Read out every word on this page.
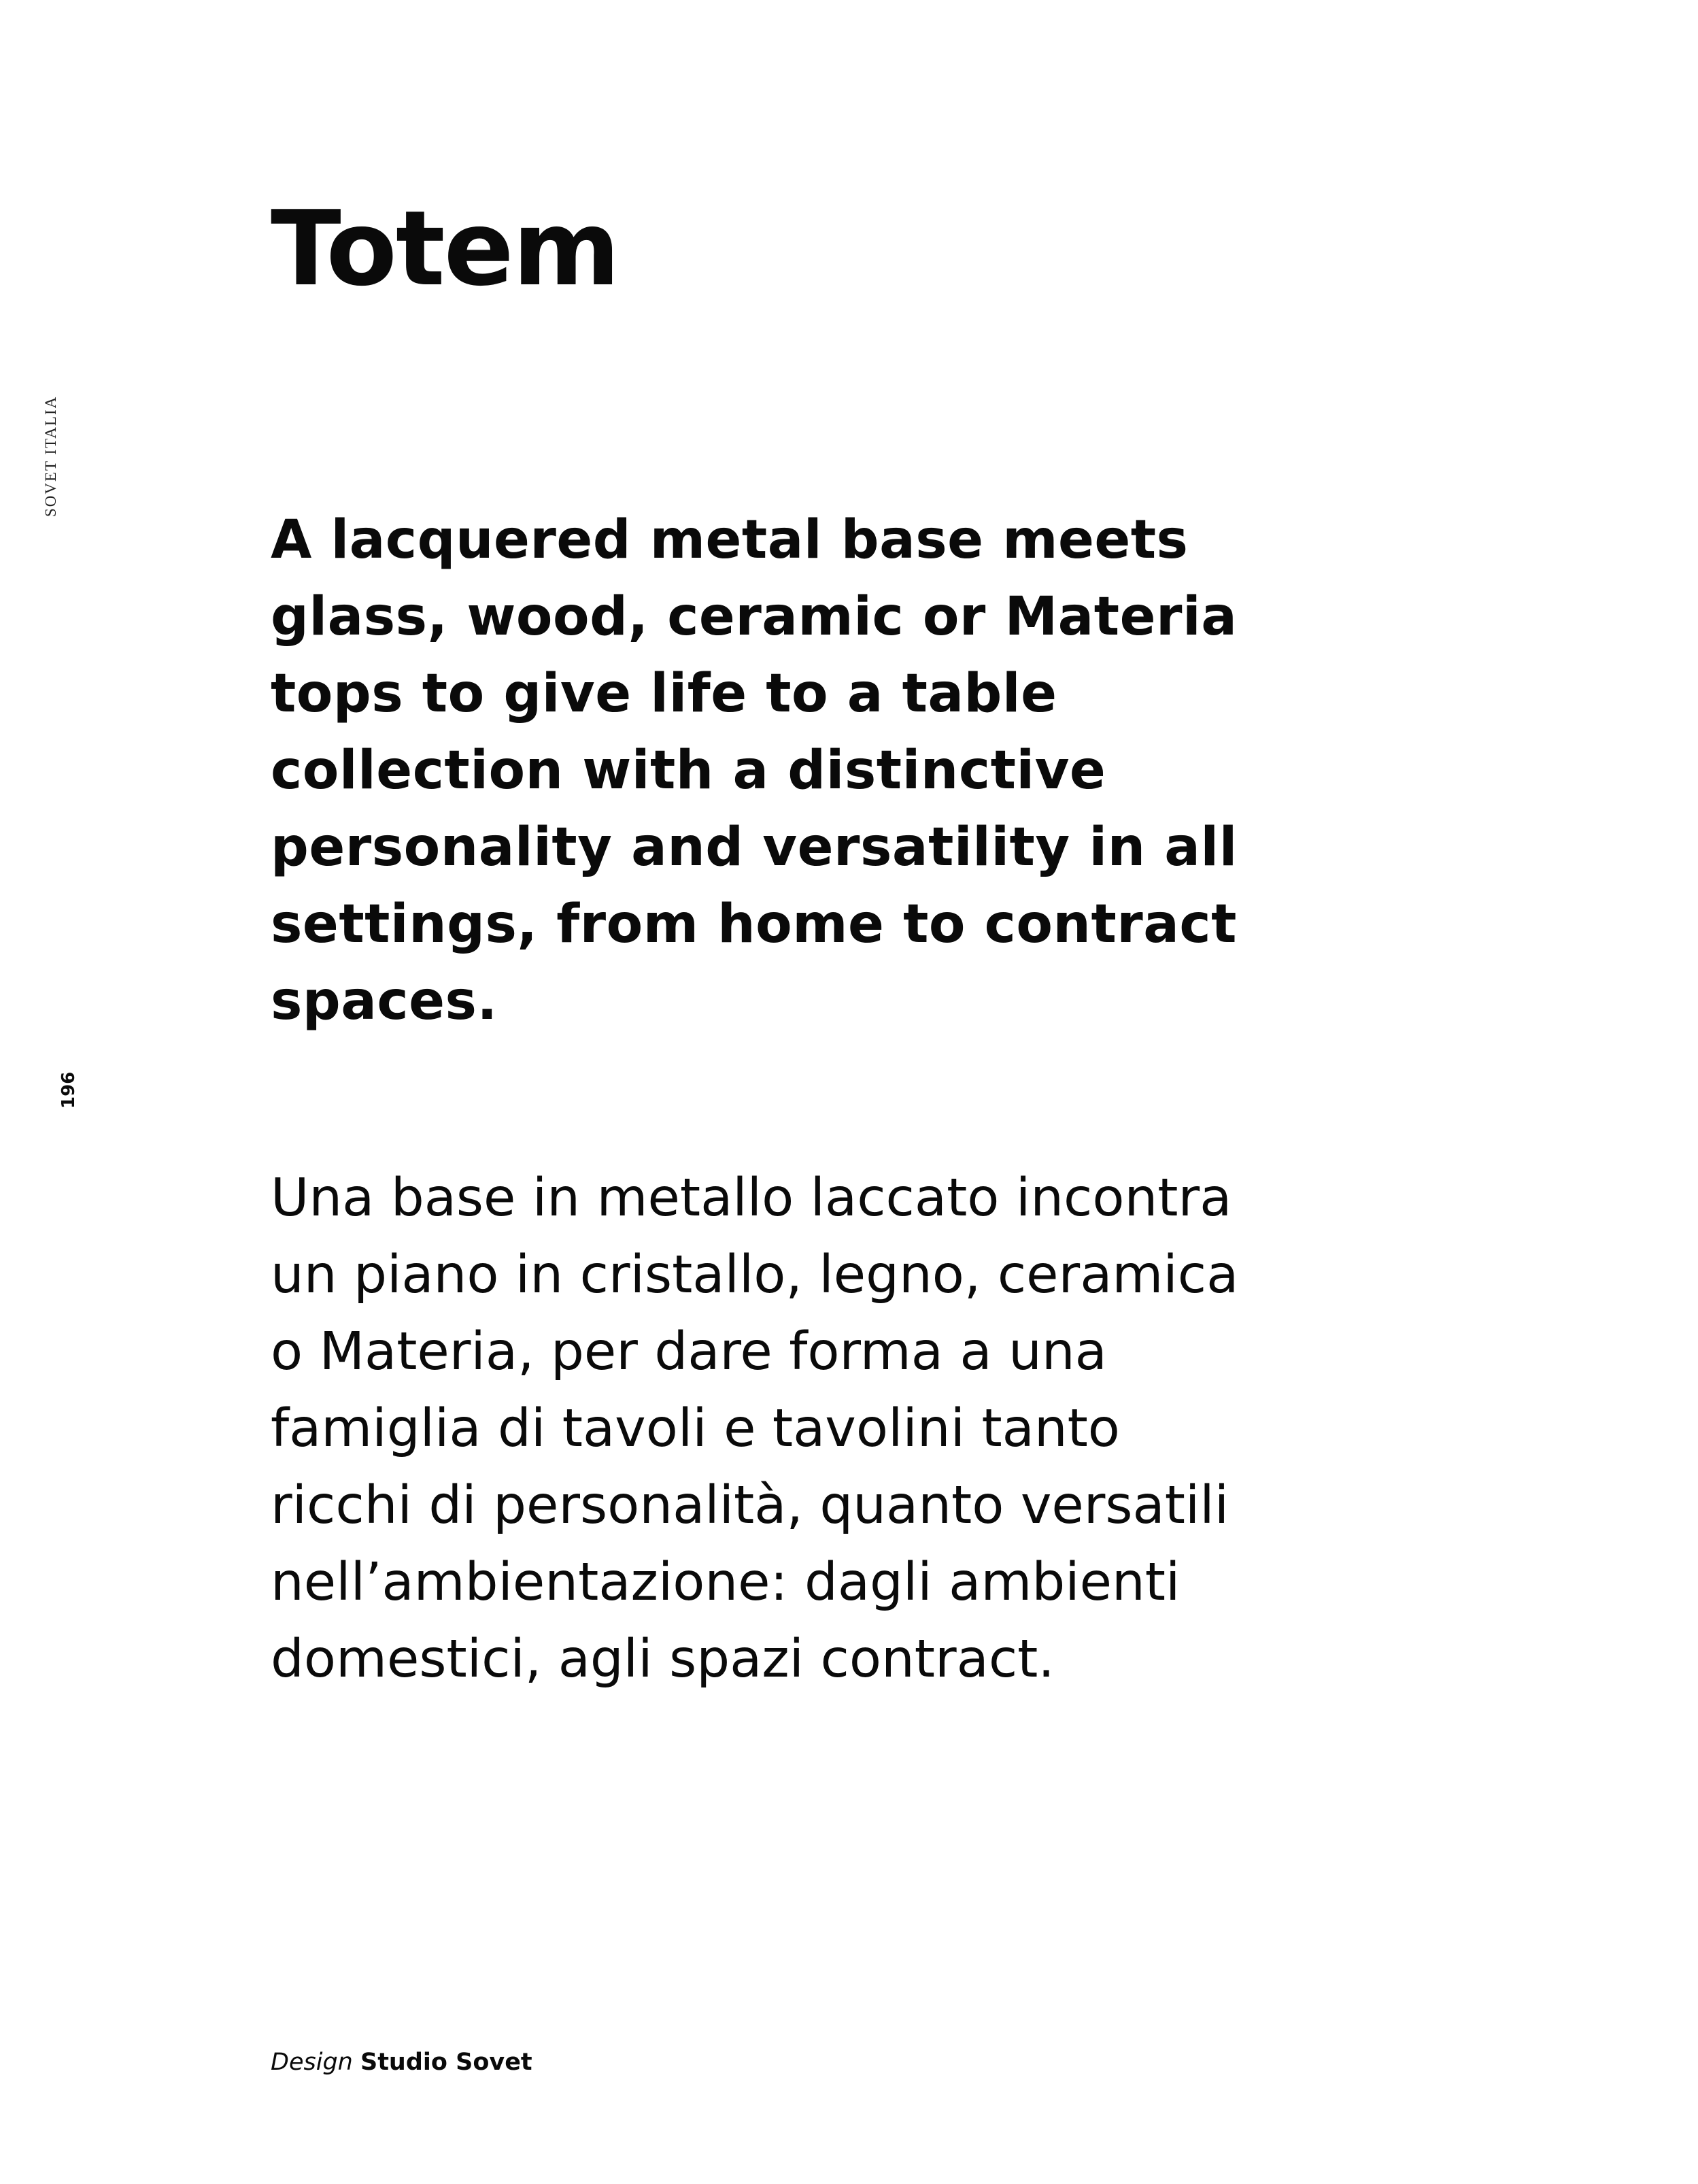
SOVET ITALIA
196
Totem

A lacquered metal base meets
glass, wood, ceramic or Materia
tops to give life to a table
collection with a distinctive
personality and versatility in all
settings, from home to contract
spaces.

Una base in metallo laccato incontra
un piano in cristallo, legno, ceramica
o Materia, per dare forma a una
famiglia di tavoli e tavolini tanto
ricchi di personalità, quanto versatili
nell’ambientazione: dagli ambienti
domestici, agli spazi contract.

Design Studio Sovet
